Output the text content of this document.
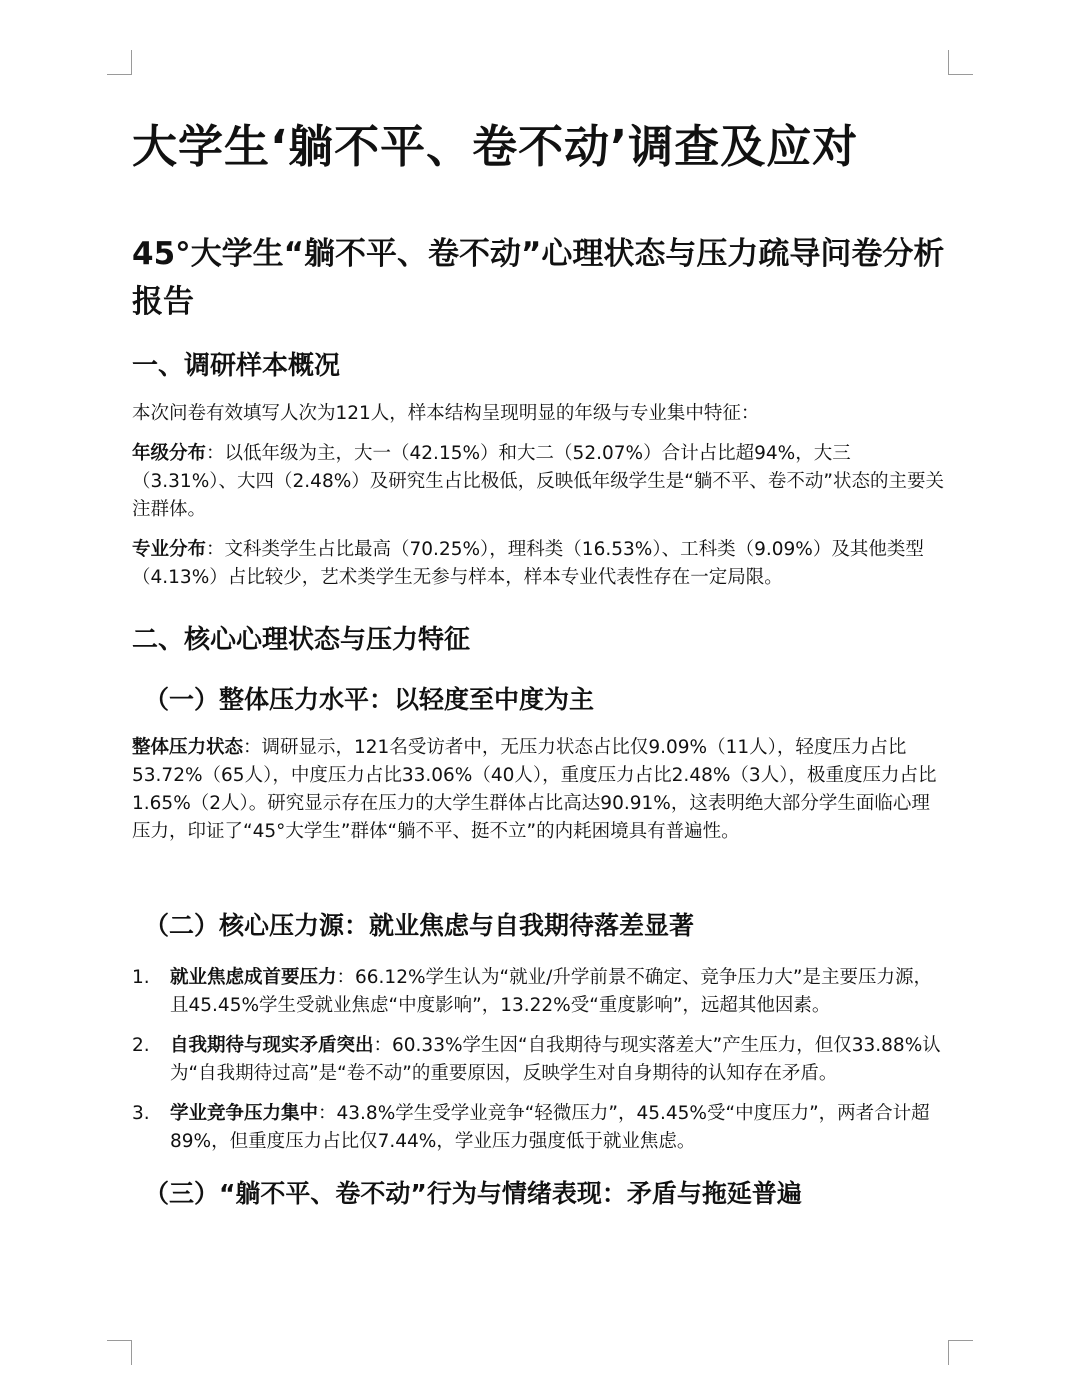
大学生‘躺不平、卷不动’调查及应对
45°大学生“躺不平、卷不动”心理状态与压力疏导问卷分析报告
一、调研样本概况

本次问卷有效填写人次为121人，样本结构呈现明显的年级与专业集中特征：

年级分布：以低年级为主，大一（42.15%）和大二（52.07%）合计占比超94%，大三（3.31%）、大四（2.48%）及研究生占比极低，反映低年级学生是“躺不平、卷不动”状态的主要关注群体。

专业分布：文科类学生占比最高（70.25%），理科类（16.53%）、工科类（9.09%）及其他类型（4.13%）占比较少，艺术类学生无参与样本，样本专业代表性存在一定局限。

二、核心心理状态与压力特征
（一）整体压力水平：以轻度至中度为主

整体压力状态：调研显示，121名受访者中，无压力状态占比仅9.09%（11人），轻度压力占比53.72%（65人），中度压力占比33.06%（40人），重度压力占比2.48%（3人），极重度压力占比1.65%（2人）。研究显示存在压力的大学生群体占比高达90.91%，这表明绝大部分学生面临心理压力，印证了“45°大学生”群体“躺不平、挺不立”的内耗困境具有普遍性。

（二）核心压力源：就业焦虑与自我期待落差显著
1. 就业焦虑成首要压力：66.12%学生认为“就业/升学前景不确定、竞争压力大”是主要压力源，且45.45%学生受就业焦虑“中度影响”，13.22%受“重度影响”，远超其他因素。
2. 自我期待与现实矛盾突出：60.33%学生因“自我期待与现实落差大”产生压力，但仅33.88%认为“自我期待过高”是“卷不动”的重要原因，反映学生对自身期待的认知存在矛盾。
3. 学业竞争压力集中：43.8%学生受学业竞争“轻微压力”，45.45%受“中度压力”，两者合计超89%，但重度压力占比仅7.44%，学业压力强度低于就业焦虑。
（三）“躺不平、卷不动”行为与情绪表现：矛盾与拖延普遍
